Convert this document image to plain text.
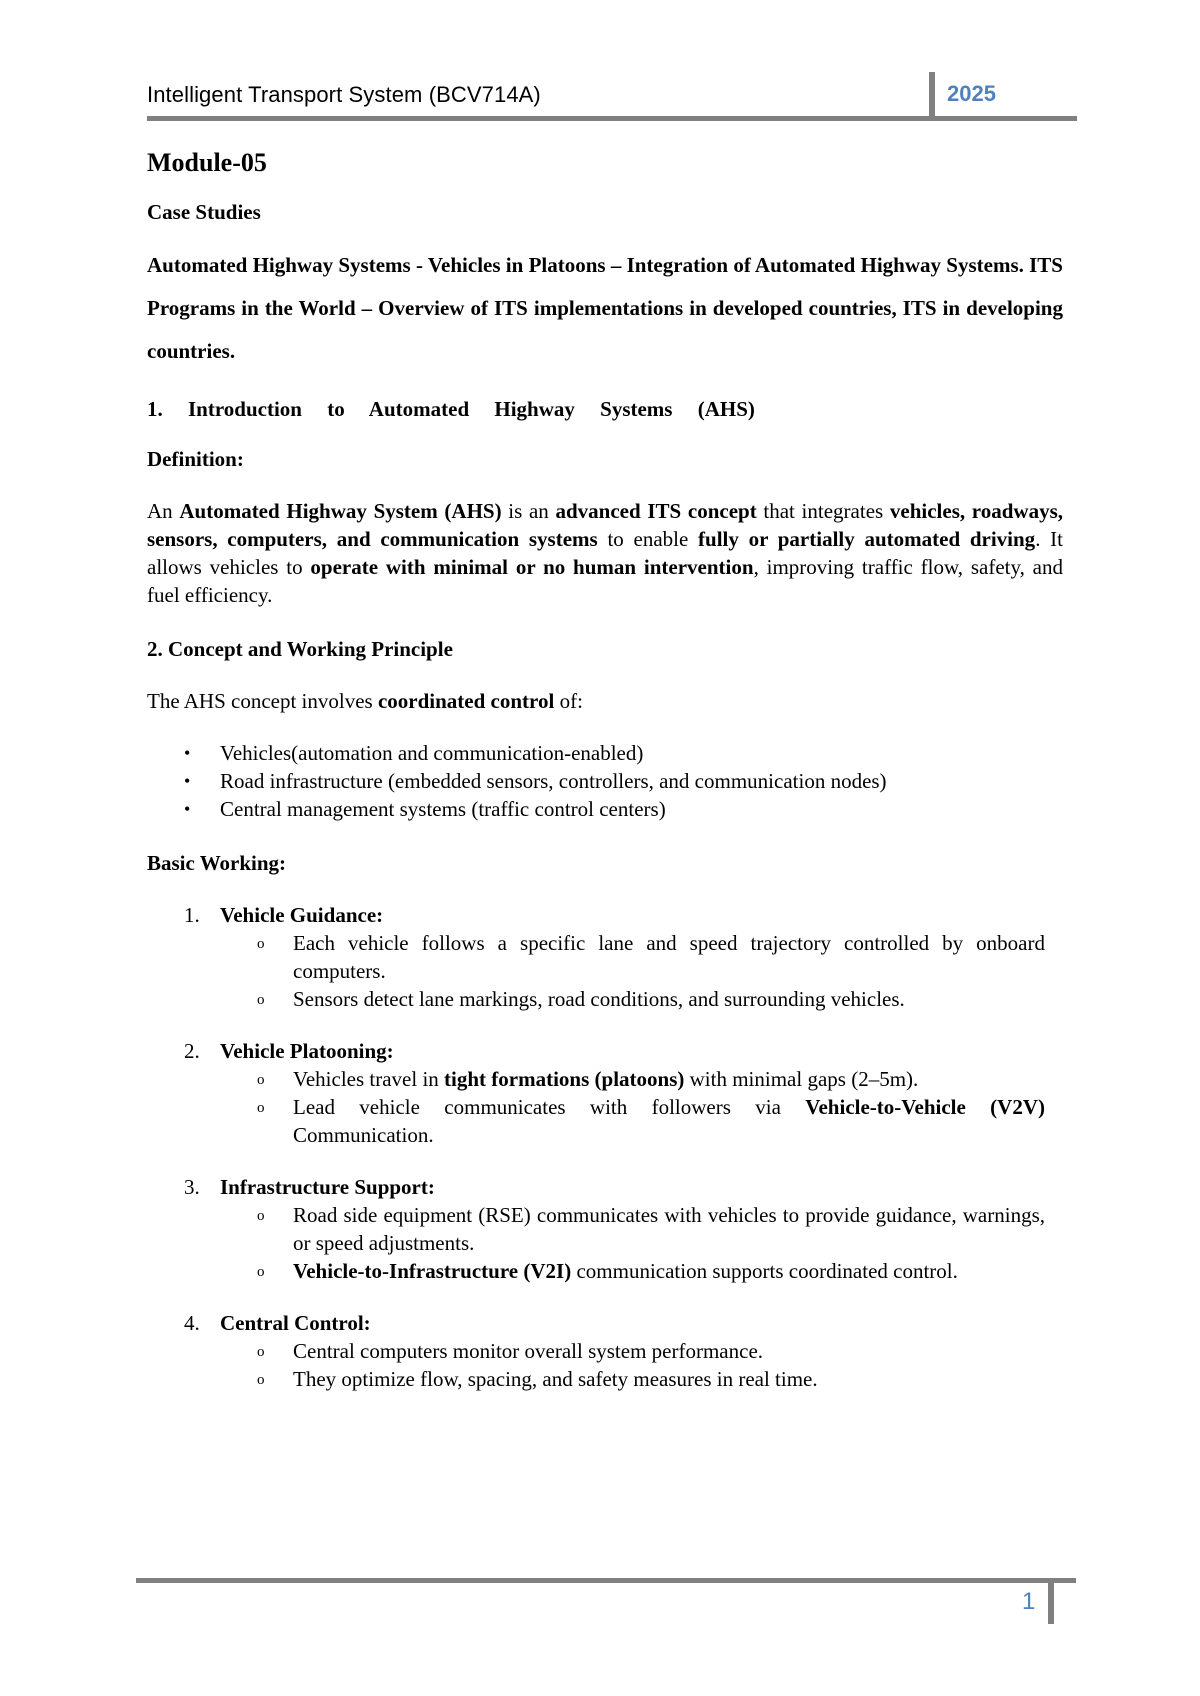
Intelligent Transport System (BCV714A)	2025
Module-05
Case Studies
Automated Highway Systems - Vehicles in Platoons – Integration of Automated Highway Systems. ITS Programs in the World – Overview of ITS implementations in developed countries, ITS in developing countries.
1. Introduction to Automated Highway Systems (AHS)
Definition:
An Automated Highway System (AHS) is an advanced ITS concept that integrates vehicles, roadways, sensors, computers, and communication systems to enable fully or partially automated driving. It allows vehicles to operate with minimal or no human intervention, improving traffic flow, safety, and fuel efficiency.
2. Concept and Working Principle
The AHS concept involves coordinated control of:
• Vehicles(automation and communication-enabled)
• Road infrastructure (embedded sensors, controllers, and communication nodes)
• Central management systems (traffic control centers)
Basic Working:
1. Vehicle Guidance:
o Each vehicle follows a specific lane and speed trajectory controlled by onboard computers.
o Sensors detect lane markings, road conditions, and surrounding vehicles.
2. Vehicle Platooning:
o Vehicles travel in tight formations (platoons) with minimal gaps (2–5m).
o Lead vehicle communicates with followers via Vehicle-to-Vehicle (V2V) Communication.
3. Infrastructure Support:
o Road side equipment (RSE) communicates with vehicles to provide guidance, warnings, or speed adjustments.
o Vehicle-to-Infrastructure (V2I) communication supports coordinated control.
4. Central Control:
o Central computers monitor overall system performance.
o They optimize flow, spacing, and safety measures in real time.
1
